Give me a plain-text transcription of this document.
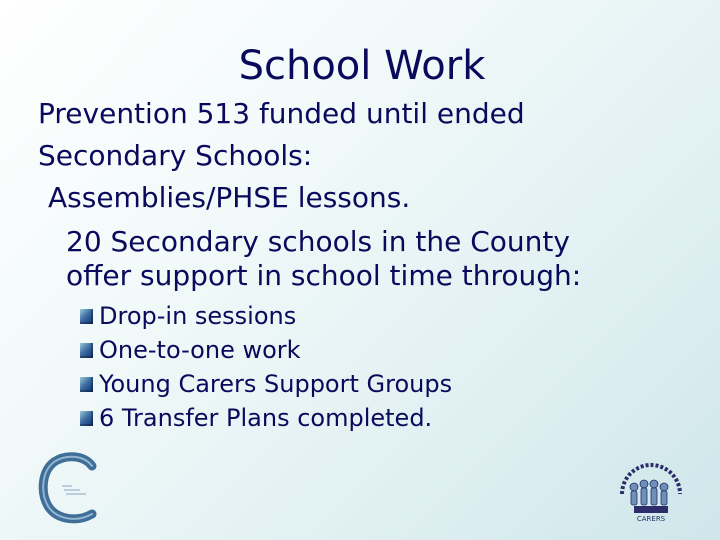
School Work
Prevention 513 funded until ended
Secondary Schools:
Assemblies/PHSE lessons.
20 Secondary schools in the County
offer support in school time through:
Drop-in sessions
One-to-one work
Young Carers Support Groups
6 Transfer Plans completed.
CARERS
